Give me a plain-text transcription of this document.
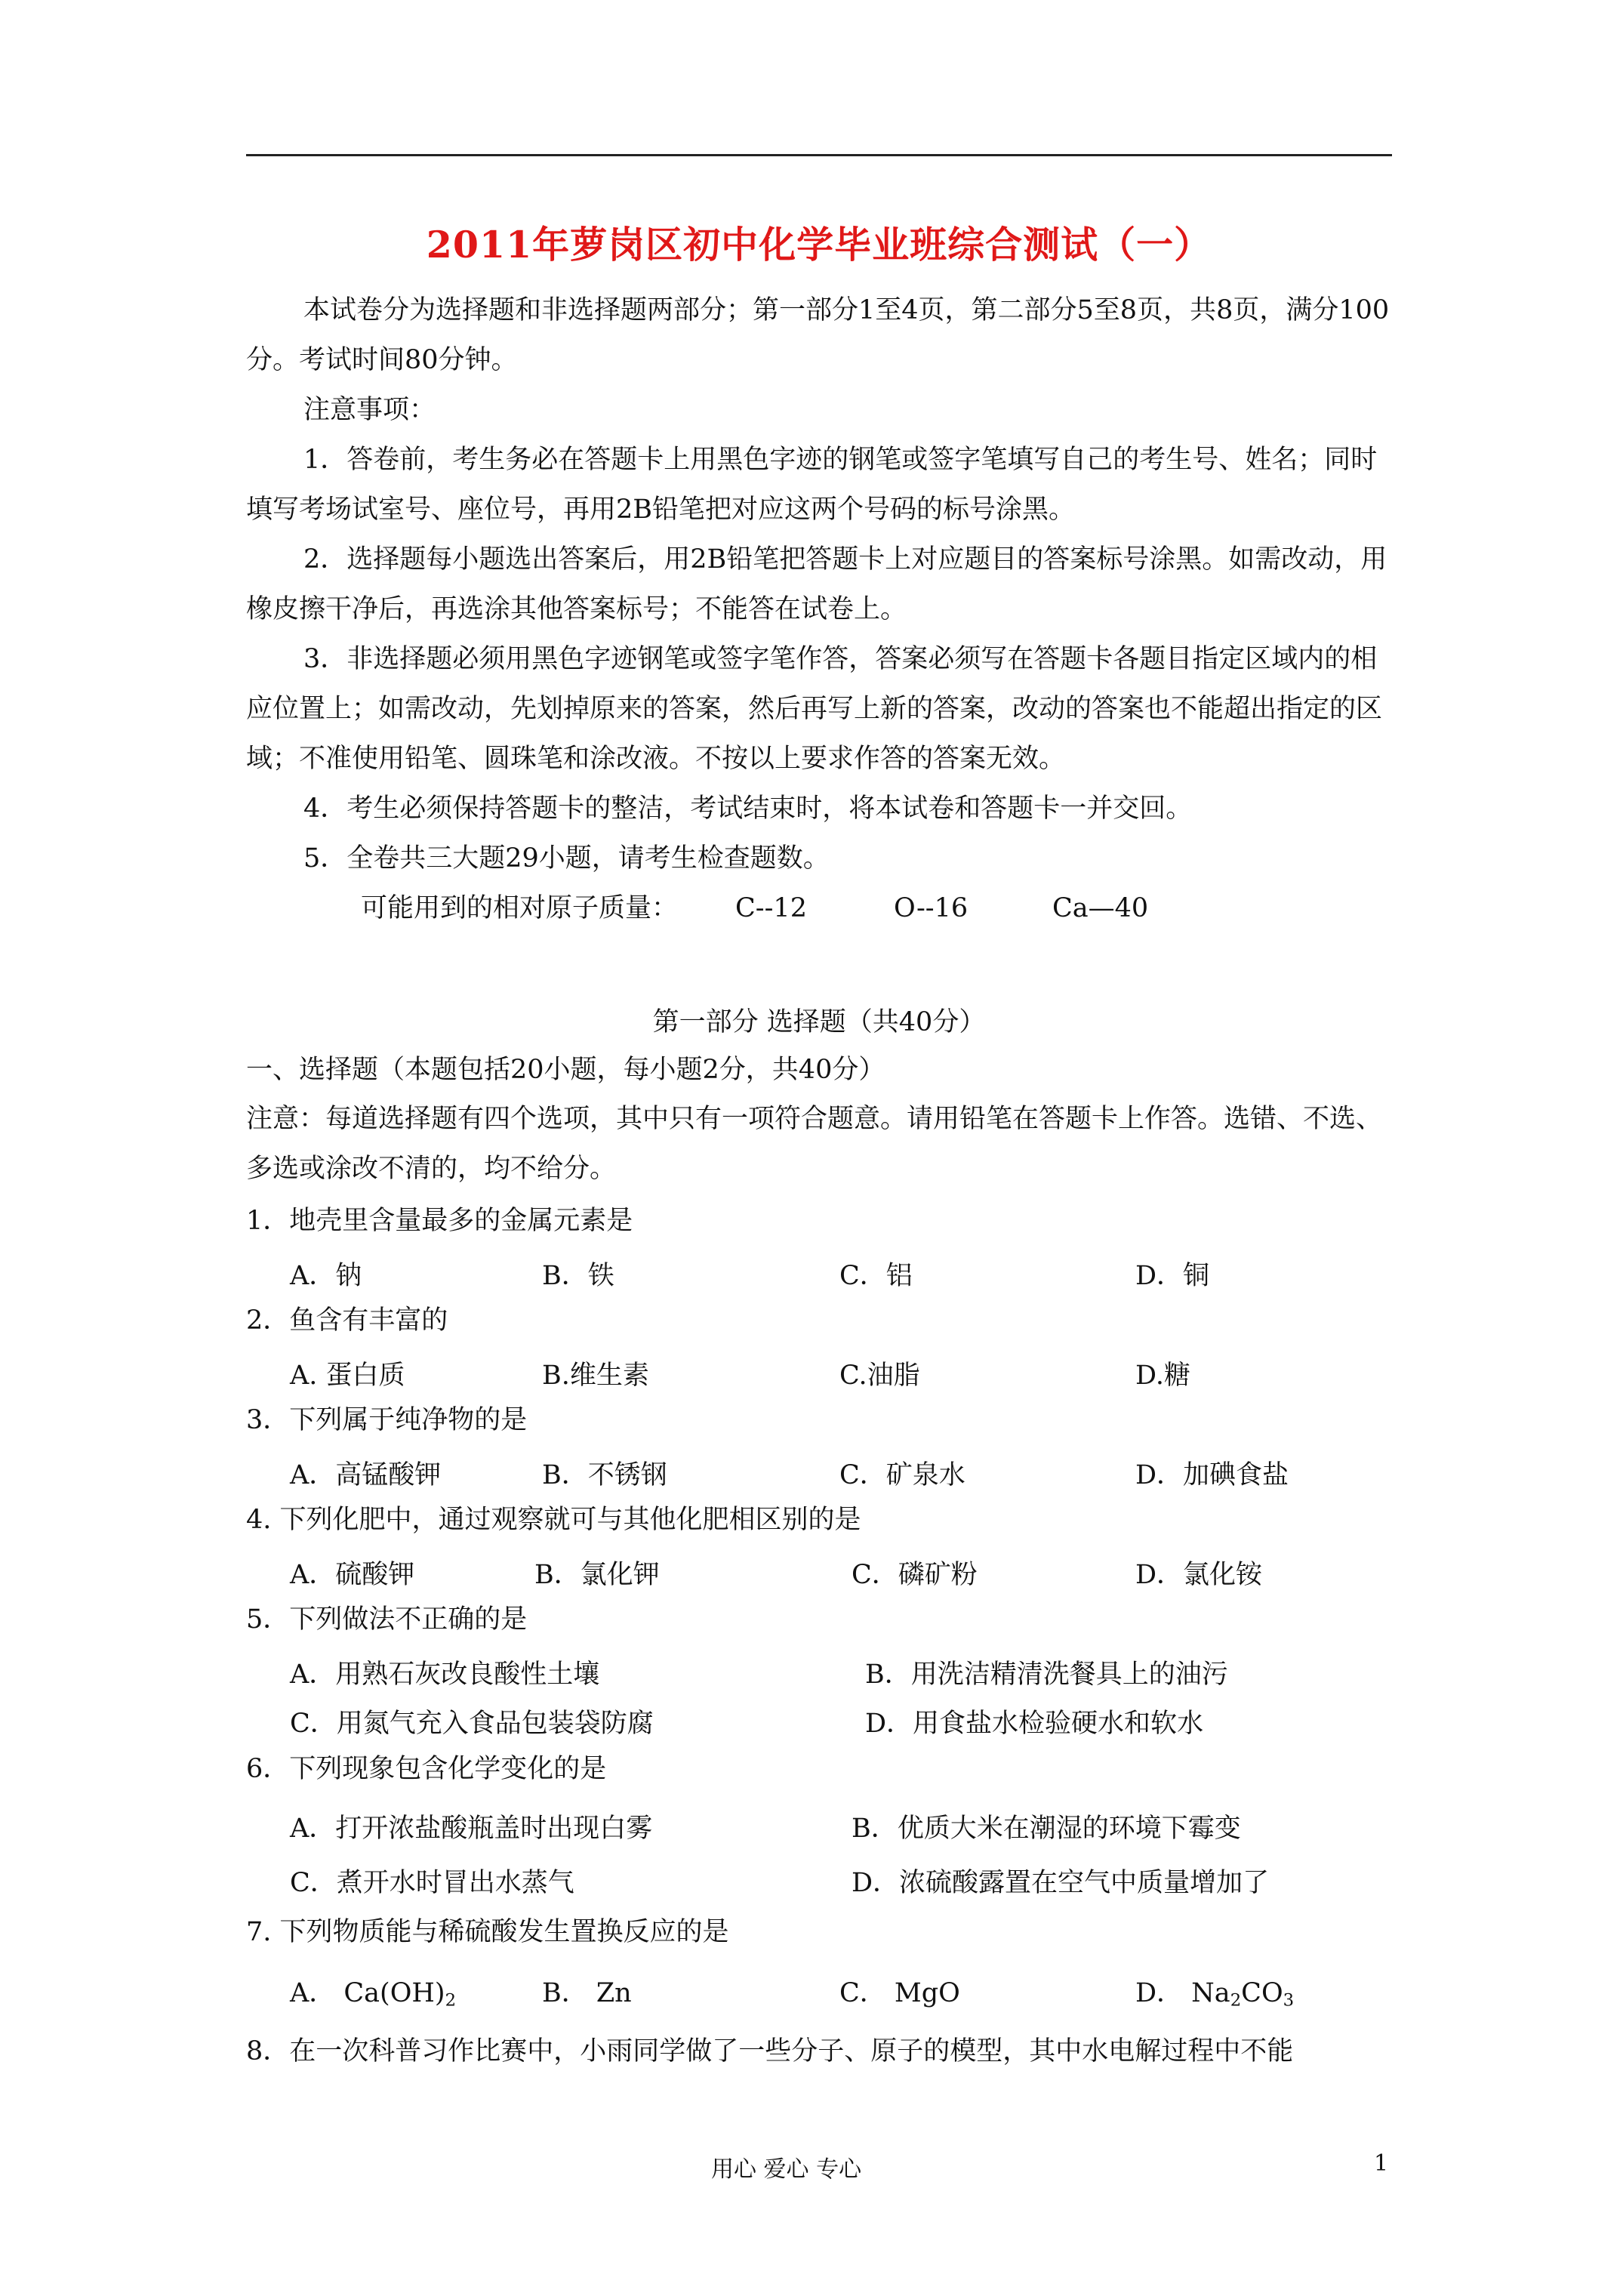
2011年萝岗区初中化学毕业班综合测试（一）

本试卷分为选择题和非选择题两部分；第一部分1至4页，第二部分5至8页，共8页，满分100分。考试时间80分钟。

注意事项：

1．答卷前，考生务必在答题卡上用黑色字迹的钢笔或签字笔填写自己的考生号、姓名；同时填写考场试室号、座位号，再用2B铅笔把对应这两个号码的标号涂黑。

2．选择题每小题选出答案后，用2B铅笔把答题卡上对应题目的答案标号涂黑。如需改动，用橡皮擦干净后，再选涂其他答案标号；不能答在试卷上。

3．非选择题必须用黑色字迹钢笔或签字笔作答，答案必须写在答题卡各题目指定区域内的相应位置上；如需改动，先划掉原来的答案，然后再写上新的答案，改动的答案也不能超出指定的区域；不准使用铅笔、圆珠笔和涂改液。不按以上要求作答的答案无效。

4．考生必须保持答题卡的整洁，考试结束时，将本试卷和答题卡一并交回。

5．全卷共三大题29小题，请考生检查题数。

可能用到的相对原子质量：	C--12	O--16	Ca—40

第一部分 选择题（共40分）
一、选择题（本题包括20小题，每小题2分，共40分）
注意：每道选择题有四个选项，其中只有一项符合题意。请用铅笔在答题卡上作答。选错、不选、多选或涂改不清的，均不给分。
1．地壳里含量最多的金属元素是
A．钠	B．铁	C．铝	D．铜
2．鱼含有丰富的
A. 蛋白质	B.维生素	C.油脂	D.糖
3．下列属于纯净物的是
A．高锰酸钾	B．不锈钢	C．矿泉水	D．加碘食盐
4. 下列化肥中，通过观察就可与其他化肥相区别的是
A．硫酸钾	B．氯化钾	C．磷矿粉	D．氯化铵
5．下列做法不正确的是
A．用熟石灰改良酸性土壤	B．用洗洁精清洗餐具上的油污
C．用氮气充入食品包装袋防腐	D．用食盐水检验硬水和软水
6．下列现象包含化学变化的是
A．打开浓盐酸瓶盖时出现白雾	B．优质大米在潮湿的环境下霉变
C．煮开水时冒出水蒸气	D．浓硫酸露置在空气中质量增加了
7. 下列物质能与稀硫酸发生置换反应的是
A． $Ca(OH)_2$	B． Zn	C． MgO	D． $Na_2CO_3$
8．在一次科普习作比赛中，小雨同学做了一些分子、原子的模型，其中水电解过程中不能
用心 爱心 专心	1
